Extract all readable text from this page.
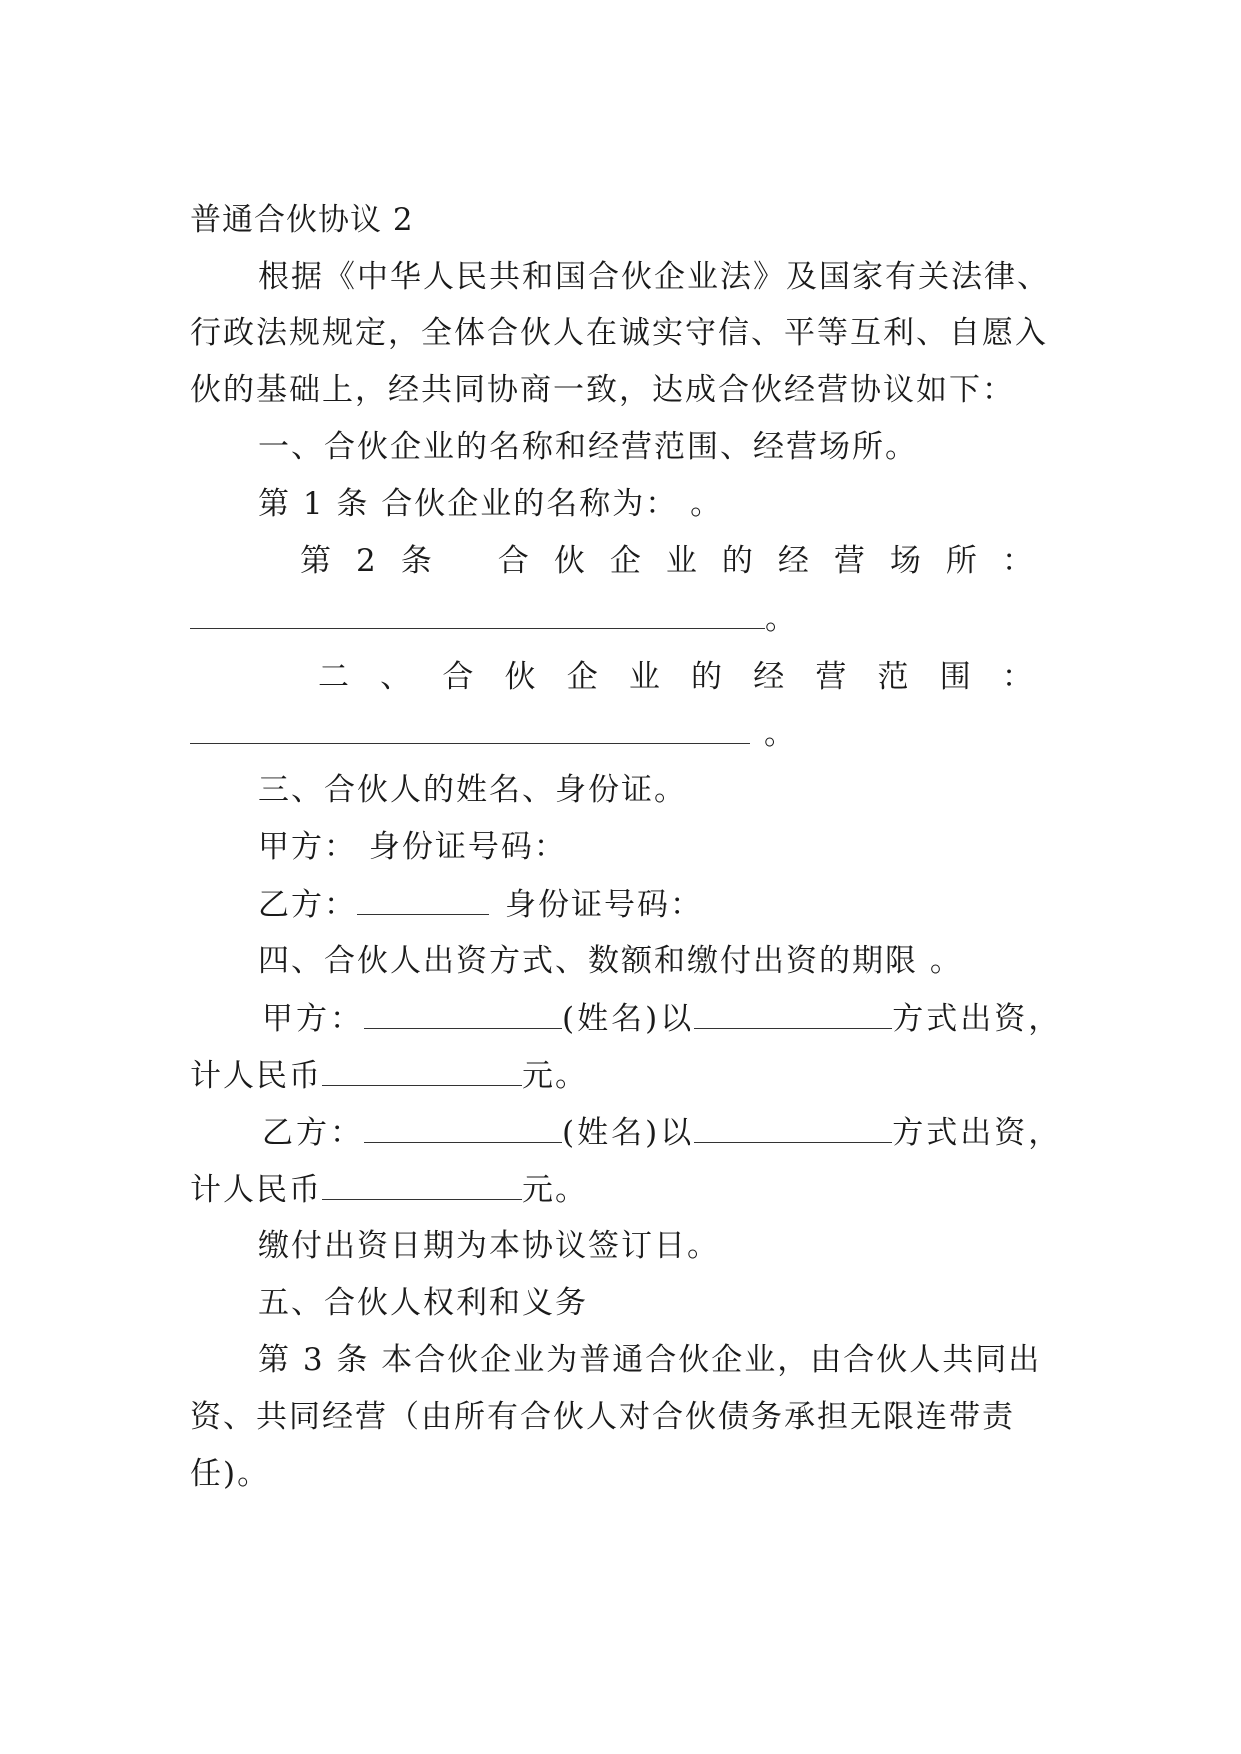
普通合伙协议 2
根据《中华人民共和国合伙企业法》及国家有关法律、
行政法规规定，全体合伙人在诚实守信、平等互利、自愿入
伙的基础上，经共同协商一致，达成合伙经营协议如下：
一、合伙企业的名称和经营范围、经营场所。
第 1 条 合伙企业的名称为： 。
第 2 条 合 伙 企 业 的 经 营 场 所 ：
。
二 、 合 伙 企 业 的 经 营 范 围 ：
。
三、合伙人的姓名、身份证。
甲方： 身份证号码：
乙方：	身份证号码：
四、合伙人出资方式、数额和缴付出资的期限 。
甲方：	(姓名)以	方式出资，
计人民币	元。
乙方：	(姓名)以	方式出资，
计人民币	元。
缴付出资日期为本协议签订日。
五、合伙人权利和义务
第 3 条 本合伙企业为普通合伙企业，由合伙人共同出
资、共同经营（由所有合伙人对合伙债务承担无限连带责
任)。
